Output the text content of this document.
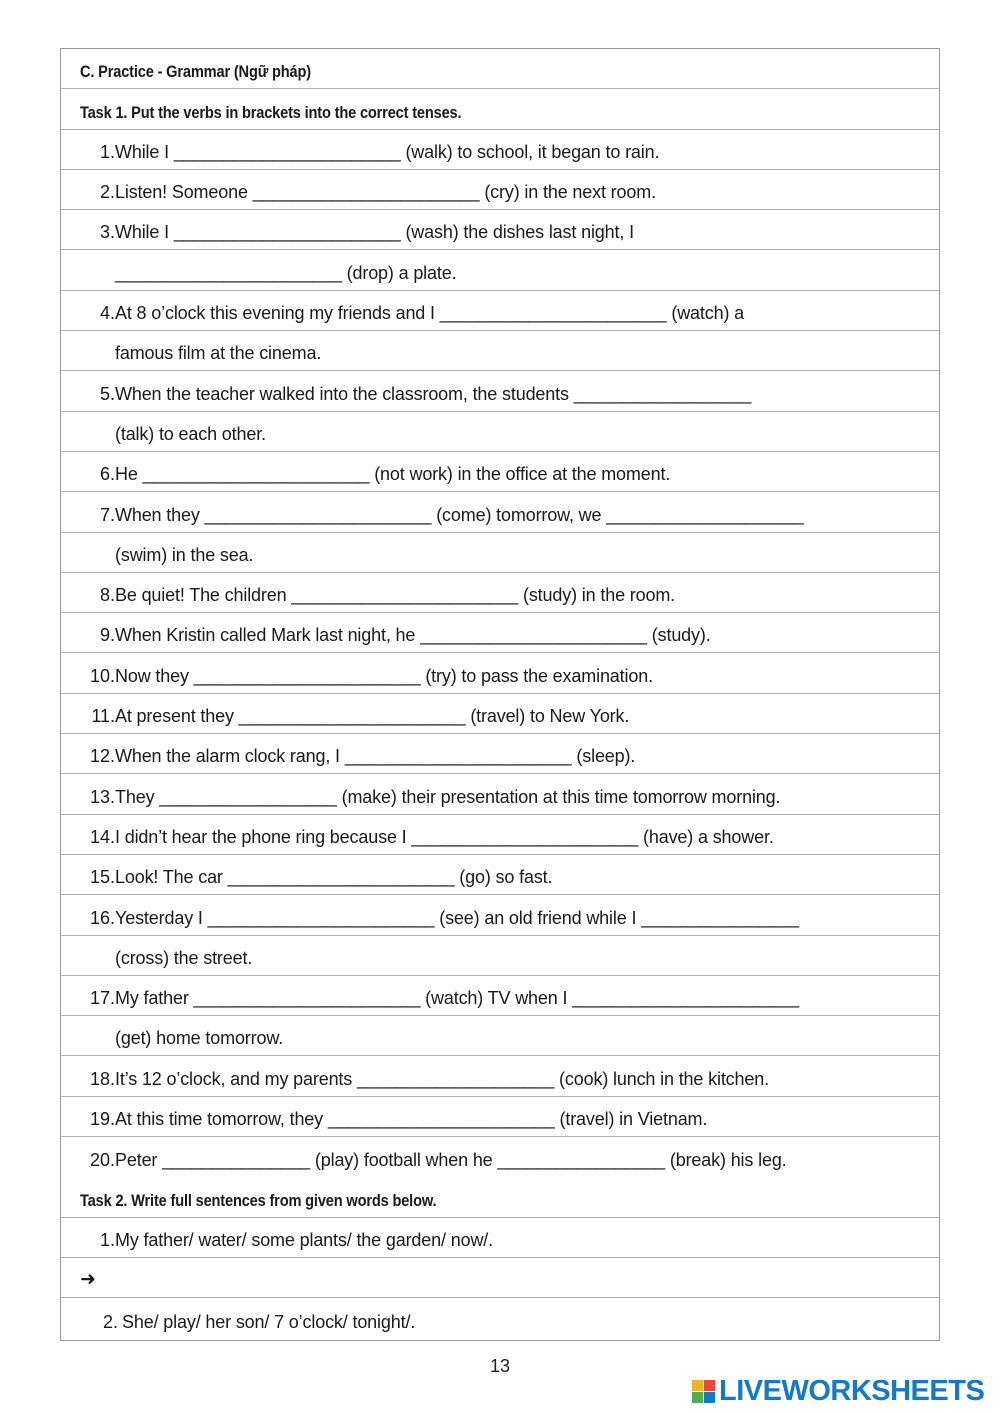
C. Practice - Grammar (Ngữ pháp)
Task 1. Put the verbs in brackets into the correct tenses.
1. While I _______________________ (walk) to school, it began to rain.
2. Listen! Someone _______________________ (cry) in the next room.
3. While I _______________________ (wash) the dishes last night, I
_______________________ (drop) a plate.
4. At 8 o’clock this evening my friends and I _______________________ (watch) a
famous film at the cinema.
5. When the teacher walked into the classroom, the students __________________
(talk) to each other.
6. He _______________________ (not work) in the office at the moment.
7. When they _______________________ (come) tomorrow, we ____________________
(swim) in the sea.
8. Be quiet! The children _______________________ (study) in the room.
9. When Kristin called Mark last night, he _______________________ (study).
10. Now they _______________________ (try) to pass the examination.
11. At present they _______________________ (travel) to New York.
12. When the alarm clock rang, I _______________________ (sleep).
13. They __________________ (make) their presentation at this time tomorrow morning.
14. I didn’t hear the phone ring because I _______________________ (have) a shower.
15. Look! The car _______________________ (go) so fast.
16. Yesterday I _______________________ (see) an old friend while I ________________
(cross) the street.
17. My father _______________________ (watch) TV when I _______________________
(get) home tomorrow.
18. It’s 12 o’clock, and my parents ____________________ (cook) lunch in the kitchen.
19. At this time tomorrow, they _______________________ (travel) in Vietnam.
20. Peter _______________ (play) football when he _________________ (break) his leg.
Task 2. Write full sentences from given words below.
1. My father/ water/ some plants/ the garden/ now/.
➜
2. She/ play/ her son/ 7 o’clock/ tonight/.
13
LIVEWORKSHEETS
